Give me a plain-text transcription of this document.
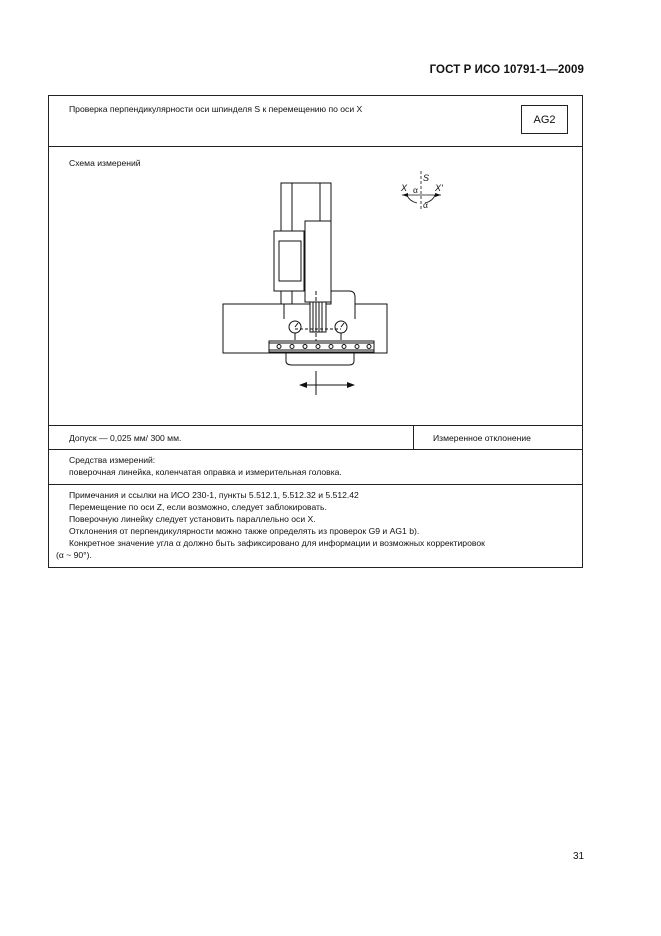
ГОСТ Р ИСО 10791-1—2009
Проверка перпендикулярности оси шпинделя S к перемещению по оси X
AG2
Схема измерений
S
X α X'
α
Допуск — 0,025 мм/ 300 мм.	Измеренное отклонение
Средства измерений:
поверочная линейка, коленчатая оправка и измерительная головка.
Примечания и ссылки на ИСО 230-1, пункты 5.512.1, 5.512.32 и 5.512.42
Перемещение по оси Z, если возможно, следует заблокировать.
Поверочную линейку следует установить параллельно оси X.
Отклонения от перпендикулярности можно также определять из проверок G9 и AG1 b).
Конкретное значение угла α должно быть зафиксировано для информации и возможных корректировок
(α ~ 90°).
31
